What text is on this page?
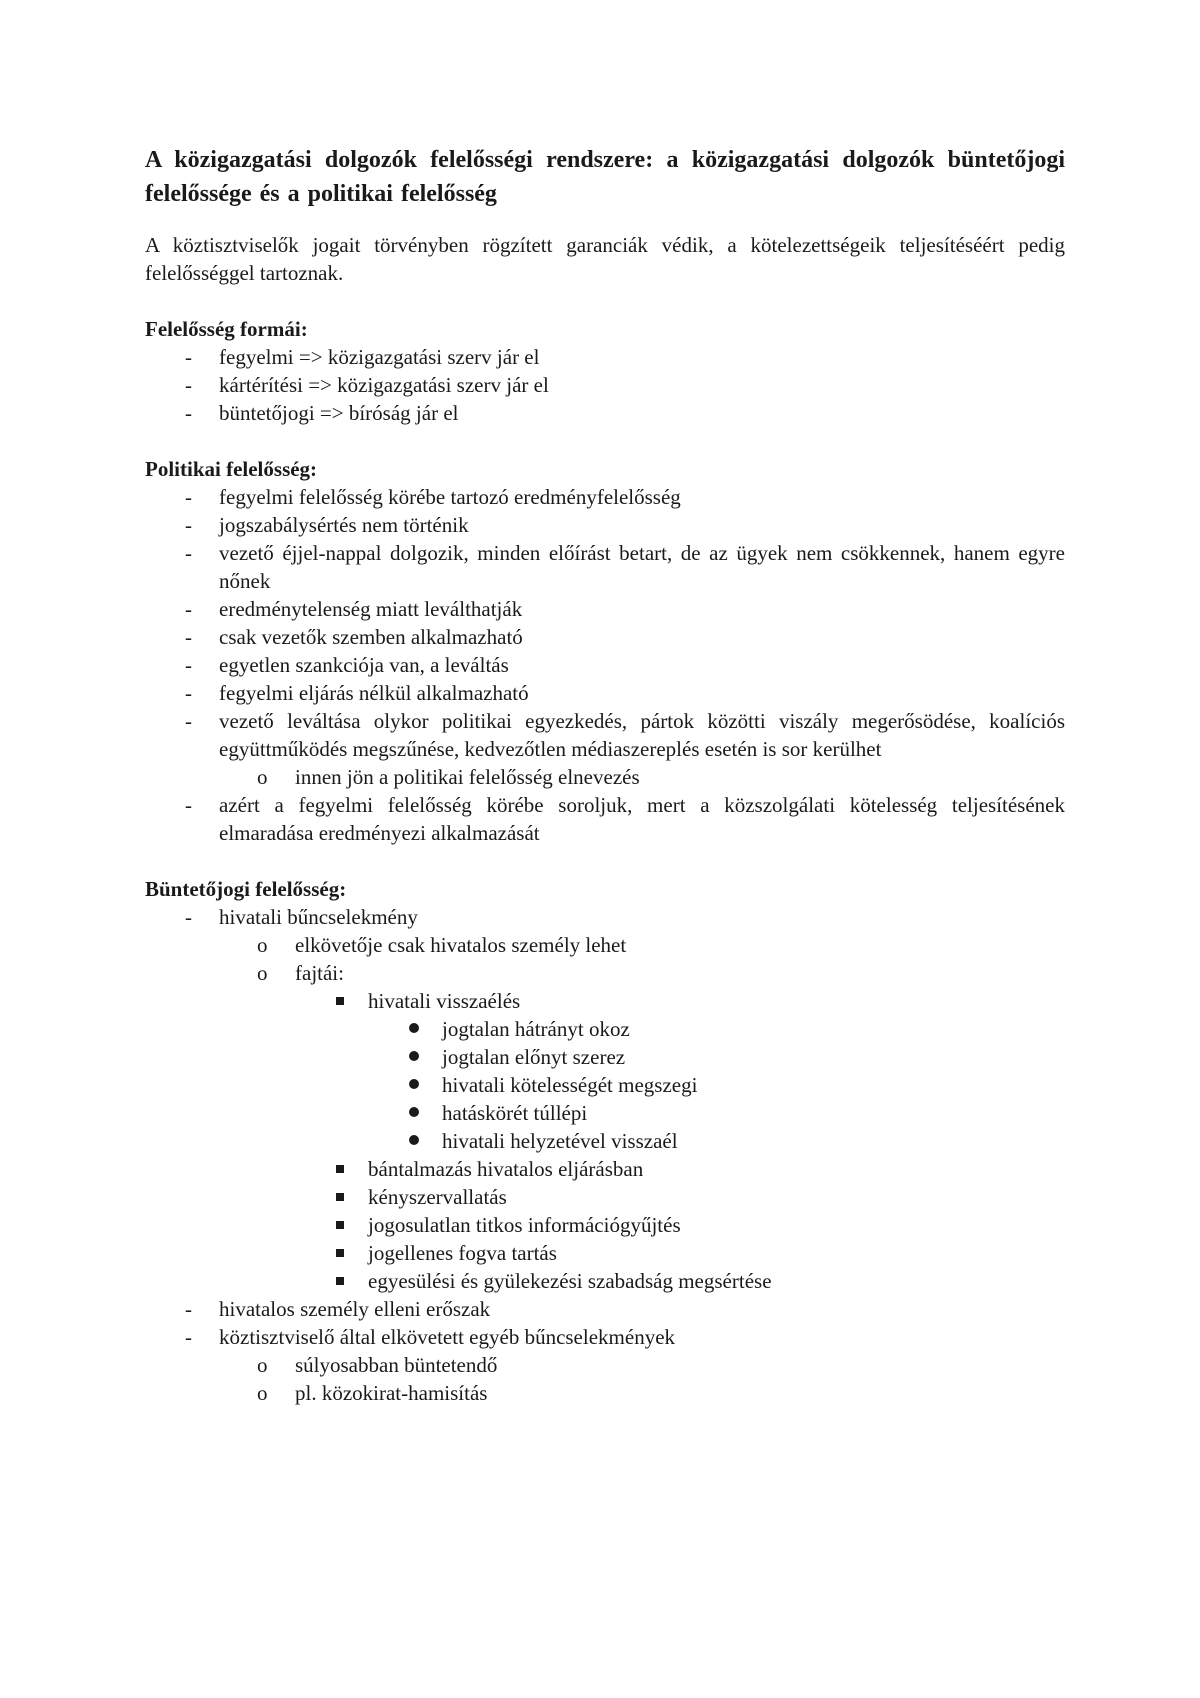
A közigazgatási dolgozók felelősségi rendszere: a közigazgatási dolgozók büntetőjogi felelőssége és a politikai felelősség

A köztisztviselők jogait törvényben rögzített garanciák védik, a kötelezettségeik teljesítéséért pedig felelősséggel tartoznak.

Felelősség formái:

- fegyelmi => közigazgatási szerv jár el
- kártérítési => közigazgatási szerv jár el
- büntetőjogi => bíróság jár el

Politikai felelősség:

- fegyelmi felelősség körébe tartozó eredményfelelősség
- jogszabálysértés nem történik
- vezető éjjel-nappal dolgozik, minden előírást betart, de az ügyek nem csökkennek, hanem egyre nőnek
- eredménytelenség miatt leválthatják
- csak vezetők szemben alkalmazható
- egyetlen szankciója van, a leváltás
- fegyelmi eljárás nélkül alkalmazható
- vezető leváltása olykor politikai egyezkedés, pártok közötti viszály megerősödése, koalíciós együttműködés megszűnése, kedvezőtlen médiaszereplés esetén is sor kerülhet
o innen jön a politikai felelősség elnevezés
- azért a fegyelmi felelősség körébe soroljuk, mert a közszolgálati kötelesség teljesítésének elmaradása eredményezi alkalmazását

Büntetőjogi felelősség:

- hivatali bűncselekmény
o elkövetője csak hivatalos személy lehet
o fajtái:
hivatali visszaélés
jogtalan hátrányt okoz
jogtalan előnyt szerez
hivatali kötelességét megszegi
hatáskörét túllépi
hivatali helyzetével visszaél
bántalmazás hivatalos eljárásban
kényszervallatás
jogosulatlan titkos információgyűjtés
jogellenes fogva tartás
egyesülési és gyülekezési szabadság megsértése
- hivatalos személy elleni erőszak
- köztisztviselő által elkövetett egyéb bűncselekmények
o súlyosabban büntetendő
o pl. közokirat-hamisítás
